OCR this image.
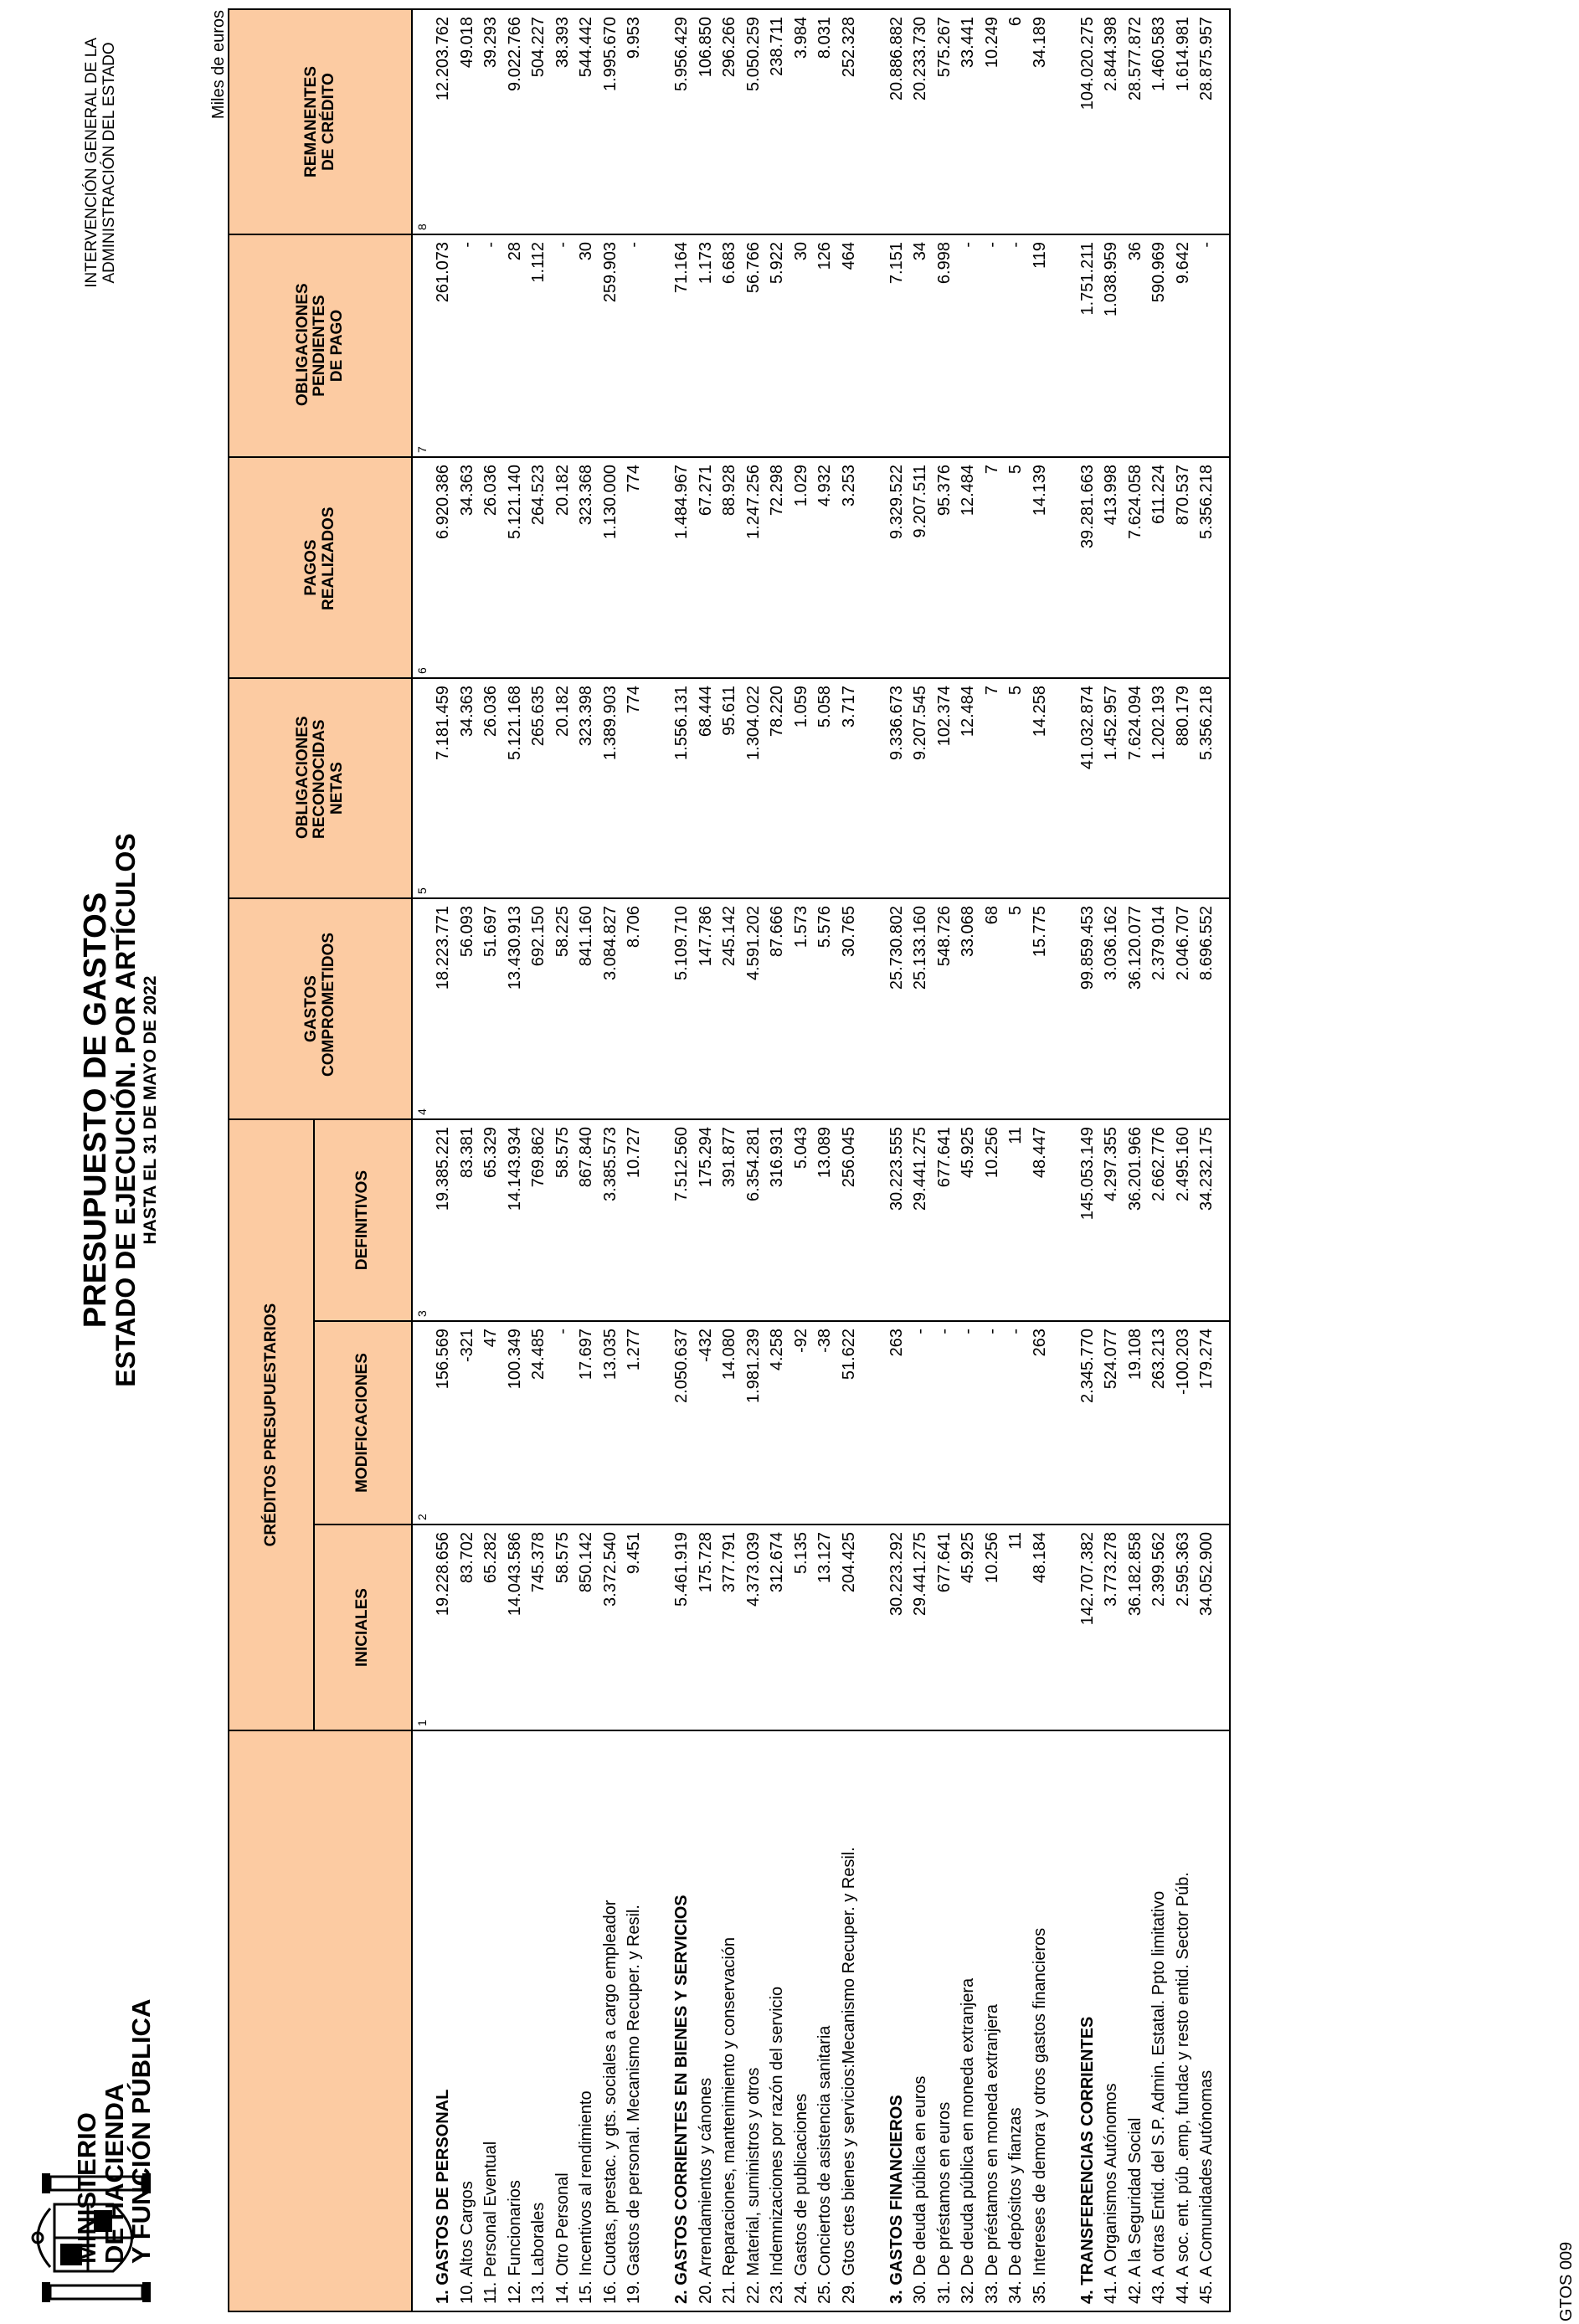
MINISTERIO
DE HACIENDA
Y FUNCIÓN PÚBLICA
PRESUPUESTO DE GASTOS
ESTADO DE EJECUCIÓN. POR ARTÍCULOS HASTA EL 31 DE MAYO DE 2022
INTERVENCIÓN GENERAL DE LA ADMINISTRACIÓN DEL ESTADO	Miles de euros
	CRÉDITOS PRESUPUESTARIOS			GASTOS COMPROMETIDOS	OBLIGACIONES RECONOCIDAS NETAS	PAGOS REALIZADOS	OBLIGACIONES PENDIENTES DE PAGO	REMANENTES DE CRÉDITO

	INICIALES	MODIFICACIONES	DEFINITIVOS					
	1	2	3	4	5	6	7	8
1. GASTOS DE PERSONAL	19.228.656	156.569	19.385.221	18.223.771	7.181.459	6.920.386	261.073	12.203.762
10. Altos Cargos	83.702	-321	83.381	56.093	34.363	34.363	-	49.018
11. Personal Eventual	65.282	47	65.329	51.697	26.036	26.036	-	39.293
12. Funcionarios	14.043.586	100.349	14.143.934	13.430.913	5.121.168	5.121.140	28	9.022.766
13. Laborales	745.378	24.485	769.862	692.150	265.635	264.523	1.112	504.227
14. Otro Personal	58.575	-	58.575	58.225	20.182	20.182	-	38.393
15. Incentivos al rendimiento	850.142	17.697	867.840	841.160	323.398	323.368	30	544.442
16. Cuotas, prestac. y gts. sociales a cargo empleador	3.372.540	13.035	3.385.573	3.084.827	1.389.903	1.130.000	259.903	1.995.670
19. Gastos de personal. Mecanismo Recuper. y Resil.	9.451	1.277	10.727	8.706	774	774	-	9.953

2. GASTOS CORRIENTES EN BIENES Y SERVICIOS	5.461.919	2.050.637	7.512.560	5.109.710	1.556.131	1.484.967	71.164	5.956.429
20. Arrendamientos y cánones	175.728	-432	175.294	147.786	68.444	67.271	1.173	106.850
21. Reparaciones, mantenimiento y conservación	377.791	14.080	391.877	245.142	95.611	88.928	6.683	296.266
22. Material, suministros y otros	4.373.039	1.981.239	6.354.281	4.591.202	1.304.022	1.247.256	56.766	5.050.259
23. Indemnizaciones por razón del servicio	312.674	4.258	316.931	87.666	78.220	72.298	5.922	238.711
24. Gastos de publicaciones	5.135	-92	5.043	1.573	1.059	1.029	30	3.984
25. Conciertos de asistencia sanitaria	13.127	-38	13.089	5.576	5.058	4.932	126	8.031
29. Gtos ctes bienes y servicios:Mecanismo Recuper. y Resil.	204.425	51.622	256.045	30.765	3.717	3.253	464	252.328

3. GASTOS FINANCIEROS	30.223.292	263	30.223.555	25.730.802	9.336.673	9.329.522	7.151	20.886.882
30. De deuda pública en euros	29.441.275	-	29.441.275	25.133.160	9.207.545	9.207.511	34	20.233.730
31. De préstamos en euros	677.641	-	677.641	548.726	102.374	95.376	6.998	575.267
32. De deuda pública en moneda extranjera	45.925	-	45.925	33.068	12.484	12.484	-	33.441
33. De préstamos en moneda extranjera	10.256	-	10.256	68	7	7	-	10.249
34. De depósitos y fianzas	11	-	11	5	5	5	-	6
35. Intereses de demora y otros gastos financieros	48.184	263	48.447	15.775	14.258	14.139	119	34.189

4. TRANSFERENCIAS CORRIENTES	142.707.382	2.345.770	145.053.149	99.859.453	41.032.874	39.281.663	1.751.211	104.020.275
41. A Organismos Autónomos	3.773.278	524.077	4.297.355	3.036.162	1.452.957	413.998	1.038.959	2.844.398
42. A la Seguridad Social	36.182.858	19.108	36.201.966	36.120.077	7.624.094	7.624.058	36	28.577.872
43. A otras Entid. del S.P. Admin. Estatal. Ppto limitativo	2.399.562	263.213	2.662.776	2.379.014	1.202.193	611.224	590.969	1.460.583
44. A soc. ent. púb .emp, fundac y resto entid. Sector Púb.	2.595.363	-100.203	2.495.160	2.046.707	880.179	870.537	9.642	1.614.981
45. A Comunidades Autónomas	34.052.900	179.274	34.232.175	8.696.552	5.356.218	5.356.218	-	28.875.957

GTOS 009
